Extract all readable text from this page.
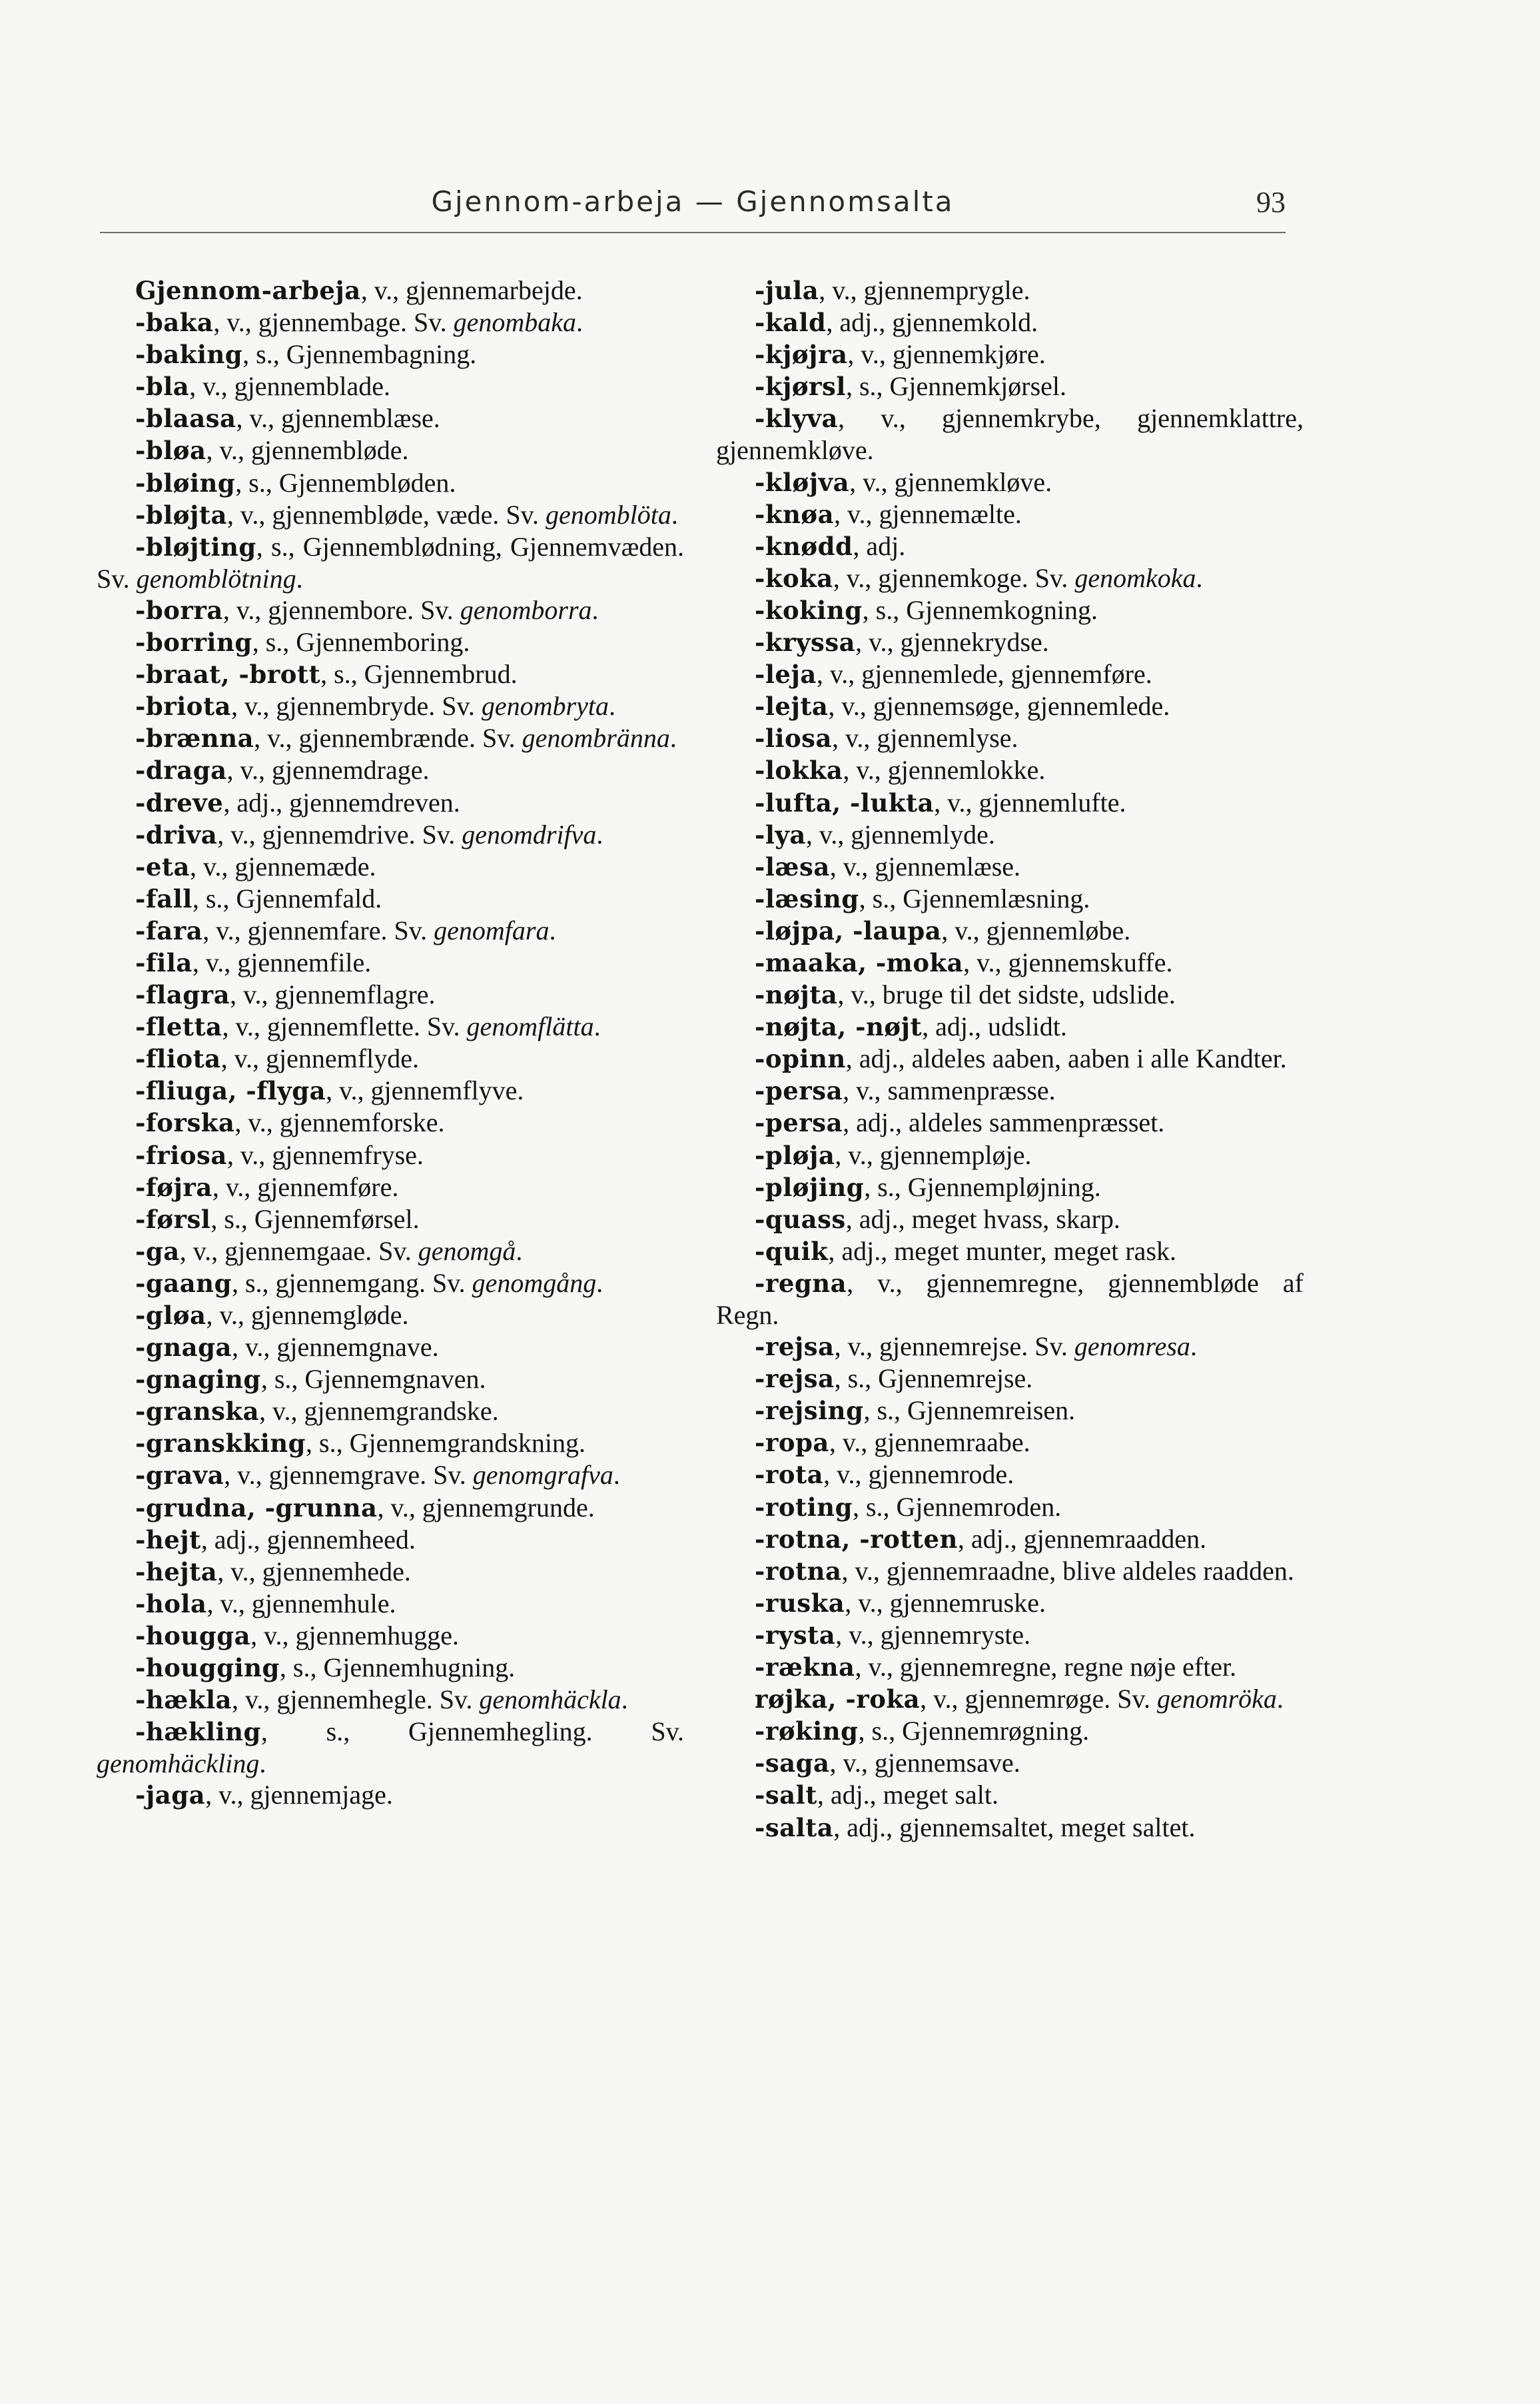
Gjennom-arbeja — Gjennomsalta	93

Gjennom-arbeja, v., gjennemarbejde.

-baka, v., gjennembage. Sv. genombaka.

-baking, s., Gjennembagning.

-bla, v., gjennemblade.

-blaasa, v., gjennemblæse.

-bløa, v., gjennembløde.

-bløing, s., Gjennembløden.

-bløjta, v., gjennembløde, væde. Sv. genomblöta.

-bløjting, s., Gjennemblødning, Gjennemvæden. Sv. genomblötning.

-borra, v., gjennembore. Sv. genomborra.

-borring, s., Gjennemboring.

-braat, -brott, s., Gjennembrud.

-briota, v., gjennembryde. Sv. genombryta.

-brænna, v., gjennembrænde. Sv. genombränna.

-draga, v., gjennemdrage.

-dreve, adj., gjennemdreven.

-driva, v., gjennemdrive. Sv. genomdrifva.

-eta, v., gjennemæde.

-fall, s., Gjennemfald.

-fara, v., gjennemfare. Sv. genomfara.

-fila, v., gjennemfile.

-flagra, v., gjennemflagre.

-fletta, v., gjennemflette. Sv. genomflätta.

-fliota, v., gjennemflyde.

-fliuga, -flyga, v., gjennemflyve.

-forska, v., gjennemforske.

-friosa, v., gjennemfryse.

-føjra, v., gjennemføre.

-førsl, s., Gjennemførsel.

-ga, v., gjennemgaae. Sv. genomgå.

-gaang, s., gjennemgang. Sv. genomgång.

-gløa, v., gjennemgløde.

-gnaga, v., gjennemgnave.

-gnaging, s., Gjennemgnaven.

-granska, v., gjennemgrandske.

-granskking, s., Gjennemgrandskning.

-grava, v., gjennemgrave. Sv. genomgrafva.

-grudna, -grunna, v., gjennemgrunde.

-hejt, adj., gjennemheed.

-hejta, v., gjennemhede.

-hola, v., gjennemhule.

-hougga, v., gjennemhugge.

-hougging, s., Gjennemhugning.

-hækla, v., gjennemhegle. Sv. genomhäckla.

-hækling, s., Gjennemhegling. Sv. genomhäckling.

-jaga, v., gjennemjage.

-jula, v., gjennemprygle.

-kald, adj., gjennemkold.

-kjøjra, v., gjennemkjøre.

-kjørsl, s., Gjennemkjørsel.

-klyva, v., gjennemkrybe, gjennemklattre, gjennemkløve.

-kløjva, v., gjennemkløve.

-knøa, v., gjennemælte.

-knødd, adj.

-koka, v., gjennemkoge. Sv. genomkoka.

-koking, s., Gjennemkogning.

-kryssa, v., gjennekrydse.

-leja, v., gjennemlede, gjennemføre.

-lejta, v., gjennemsøge, gjennemlede.

-liosa, v., gjennemlyse.

-lokka, v., gjennemlokke.

-lufta, -lukta, v., gjennemlufte.

-lya, v., gjennemlyde.

-læsa, v., gjennemlæse.

-læsing, s., Gjennemlæsning.

-løjpa, -laupa, v., gjennemløbe.

-maaka, -moka, v., gjennemskuffe.

-nøjta, v., bruge til det sidste, udslide.

-nøjta, -nøjt, adj., udslidt.

-opinn, adj., aldeles aaben, aaben i alle Kandter.

-persa, v., sammenpræsse.

-persa, adj., aldeles sammenpræsset.

-pløja, v., gjennempløje.

-pløjing, s., Gjennempløjning.

-quass, adj., meget hvass, skarp.

-quik, adj., meget munter, meget rask.

-regna, v., gjennemregne, gjennembløde af Regn.

-rejsa, v., gjennemrejse. Sv. genomresa.

-rejsa, s., Gjennemrejse.

-rejsing, s., Gjennemreisen.

-ropa, v., gjennemraabe.

-rota, v., gjennemrode.

-roting, s., Gjennemroden.

-rotna, -rotten, adj., gjennemraadden.

-rotna, v., gjennemraadne, blive aldeles raadden.

-ruska, v., gjennemruske.

-rysta, v., gjennemryste.

-rækna, v., gjennemregne, regne nøje efter.

røjka, -roka, v., gjennemrøge. Sv. genomröka.

-røking, s., Gjennemrøgning.

-saga, v., gjennemsave.

-salt, adj., meget salt.

-salta, adj., gjennemsaltet, meget saltet.
